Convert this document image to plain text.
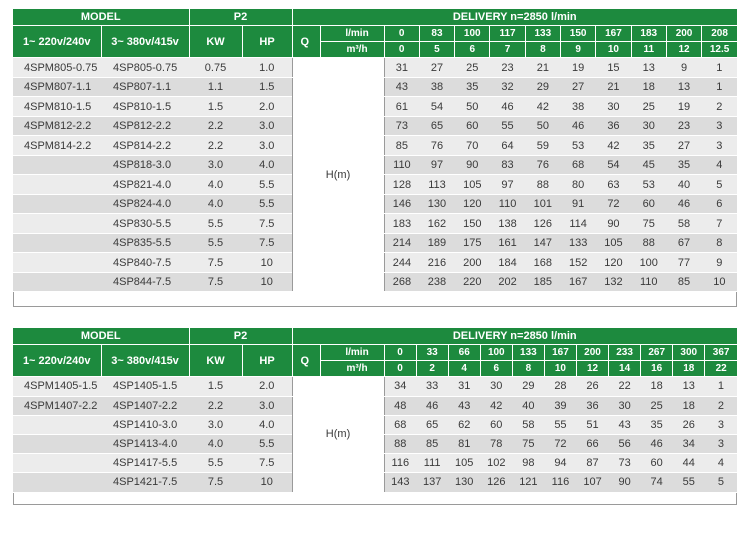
MODEL		P2		DELIVERY n=2850 l/min											
1~ 220v/240v	3~ 380v/415v	KW	HP	Q	l/min	0	83	100	117	133	150	167	183	200	208
					m³/h	0	5	6	7	8	9	10	11	12	12.5
4SPM805-0.75	4SP805-0.75	0.75	1.0	H(m)		31	27	25	23	21	19	15	13	9	1
4SPM807-1.1	4SP807-1.1	1.1	1.5			43	38	35	32	29	27	21	18	13	1
4SPM810-1.5	4SP810-1.5	1.5	2.0			61	54	50	46	42	38	30	25	19	2
4SPM812-2.2	4SP812-2.2	2.2	3.0			73	65	60	55	50	46	36	30	23	3
4SPM814-2.2	4SP814-2.2	2.2	3.0			85	76	70	64	59	53	42	35	27	3
	4SP818-3.0	3.0	4.0			110	97	90	83	76	68	54	45	35	4
	4SP821-4.0	4.0	5.5			128	113	105	97	88	80	63	53	40	5
	4SP824-4.0	4.0	5.5			146	130	120	110	101	91	72	60	46	6
	4SP830-5.5	5.5	7.5			183	162	150	138	126	114	90	75	58	7
	4SP835-5.5	5.5	7.5			214	189	175	161	147	133	105	88	67	8
	4SP840-7.5	7.5	10			244	216	200	184	168	152	120	100	77	9
	4SP844-7.5	7.5	10			268	238	220	202	185	167	132	110	85	10
MODEL		P2		DELIVERY n=2850 l/min												
1~ 220v/240v	3~ 380v/415v	KW	HP	Q	l/min	0	33	66	100	133	167	200	233	267	300	367
					m³/h	0	2	4	6	8	10	12	14	16	18	22
4SPM1405-1.5	4SP1405-1.5	1.5	2.0	H(m)		34	33	31	30	29	28	26	22	18	13	1
4SPM1407-2.2	4SP1407-2.2	2.2	3.0			48	46	43	42	40	39	36	30	25	18	2
	4SP1410-3.0	3.0	4.0			68	65	62	60	58	55	51	43	35	26	3
	4SP1413-4.0	4.0	5.5			88	85	81	78	75	72	66	56	46	34	3
	4SP1417-5.5	5.5	7.5			116	111	105	102	98	94	87	73	60	44	4
	4SP1421-7.5	7.5	10			143	137	130	126	121	116	107	90	74	55	5
